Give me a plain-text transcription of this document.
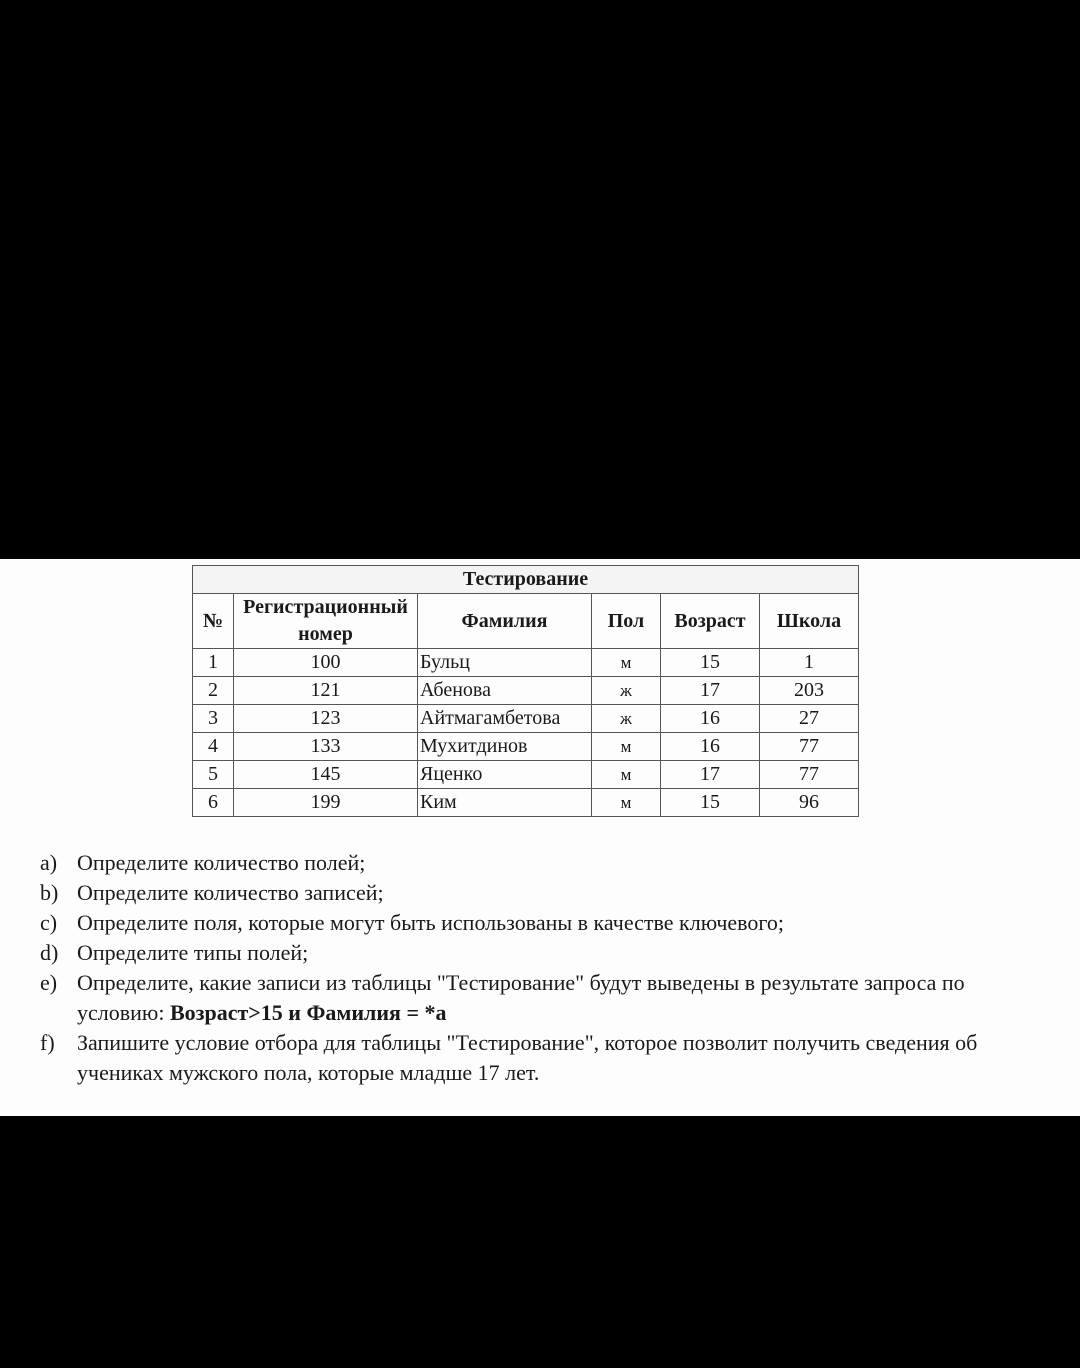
Тестирование					
№	Регистрационный номер	Фамилия	Пол	Возраст	Школа
1	100	Бульц	м	15	1
2	121	Абенова	ж	17	203
3	123	Айтмагамбетова	ж	16	27
4	133	Мухитдинов	м	16	77
5	145	Яценко	м	17	77
6	199	Ким	м	15	96
a) Определите количество полей;
b) Определите количество записей;
c) Определите поля, которые могут быть использованы в качестве ключевого;
d) Определите типы полей;
e) Определите, какие записи из таблицы "Тестирование" будут выведены в результате запроса по условию: Возраст>15 и Фамилия = *а
f)	Запишите условие отбора для таблицы "Тестирование", которое позволит получить сведения об учениках мужского пола, которые младше 17 лет.
